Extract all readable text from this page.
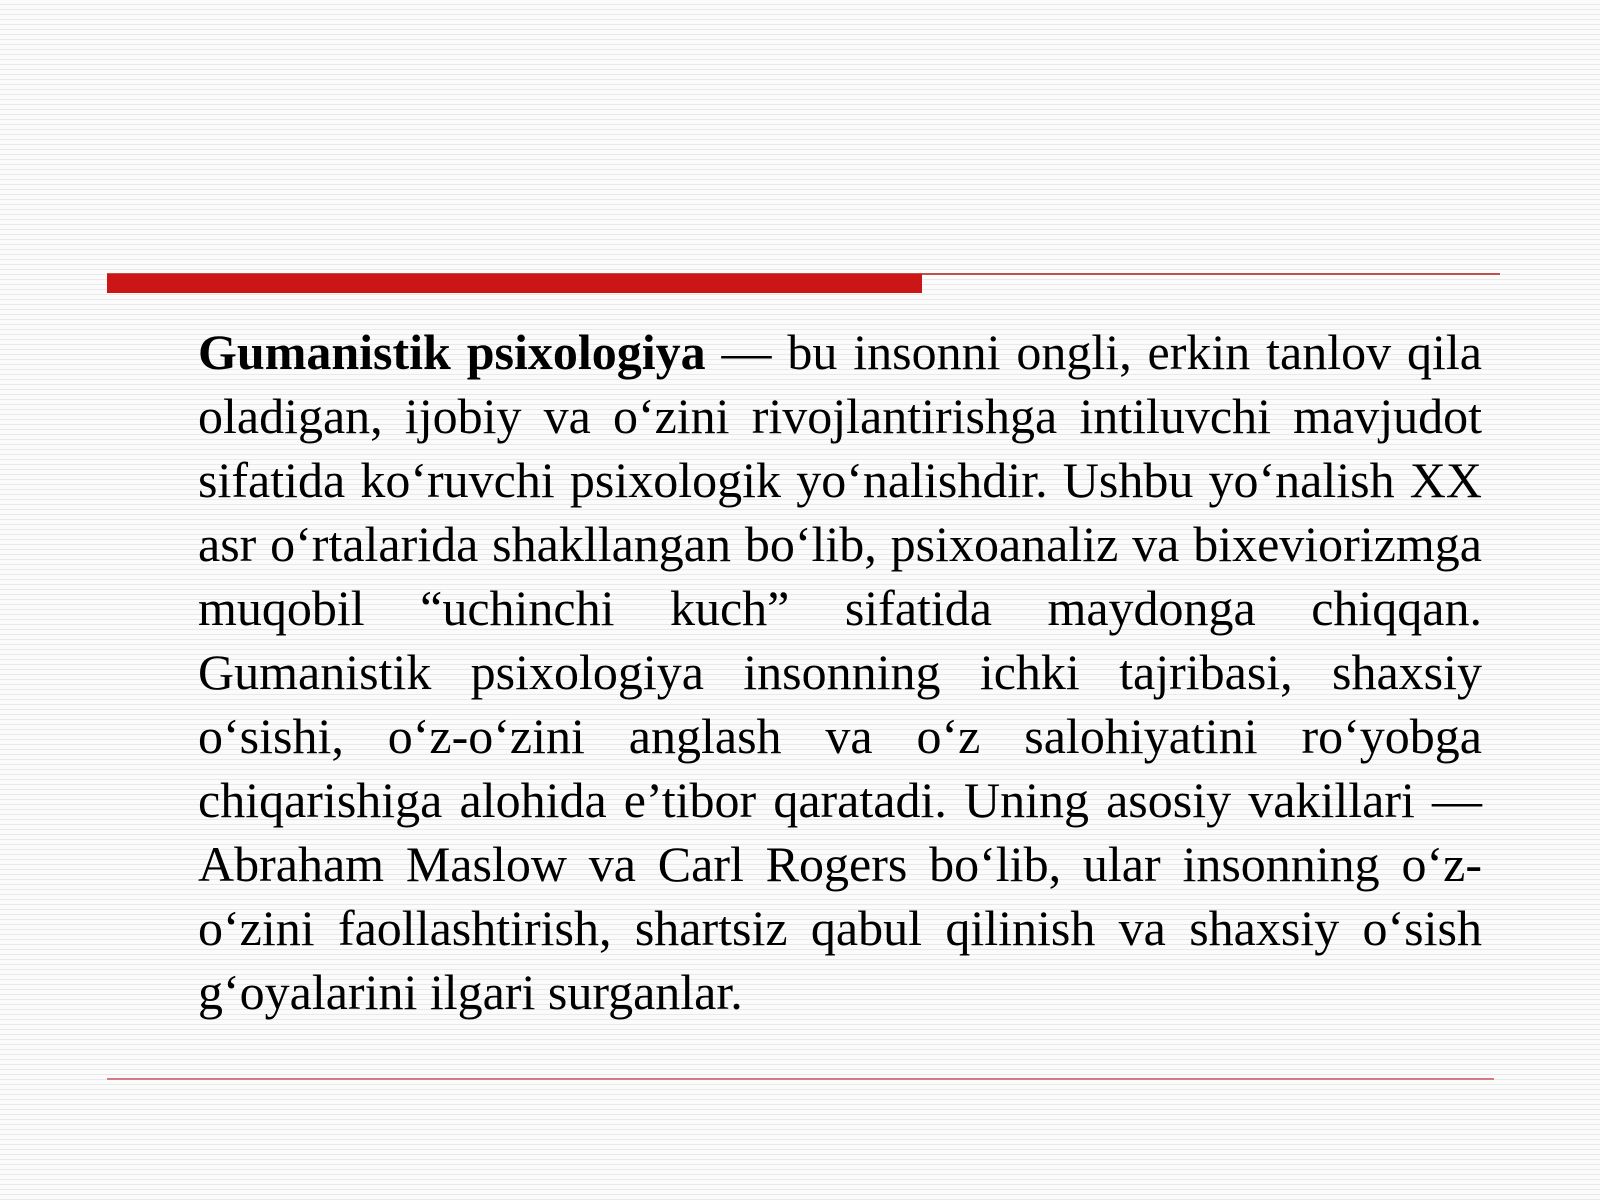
Gumanistik psixologiya — bu insonni ongli, erkin tanlov qila oladigan, ijobiy va o‘zini rivojlantirishga intiluvchi mavjudot sifatida ko‘ruvchi psixologik yo‘nalishdir. Ushbu yo‘nalish XX asr o‘rtalarida shakllangan bo‘lib, psixoanaliz va bixeviorizmga muqobil “uchinchi kuch” sifatida maydonga chiqqan. Gumanistik psixologiya insonning ichki tajribasi, shaxsiy o‘sishi, o‘z-o‘zini anglash va o‘z salohiyatini ro‘yobga chiqarishiga alohida e’tibor qaratadi. Uning asosiy vakillari — Abraham Maslow va Carl Rogers bo‘lib, ular insonning o‘z-o‘zini faollashtirish, shartsiz qabul qilinish va shaxsiy o‘sish g‘oyalarini ilgari surganlar.
